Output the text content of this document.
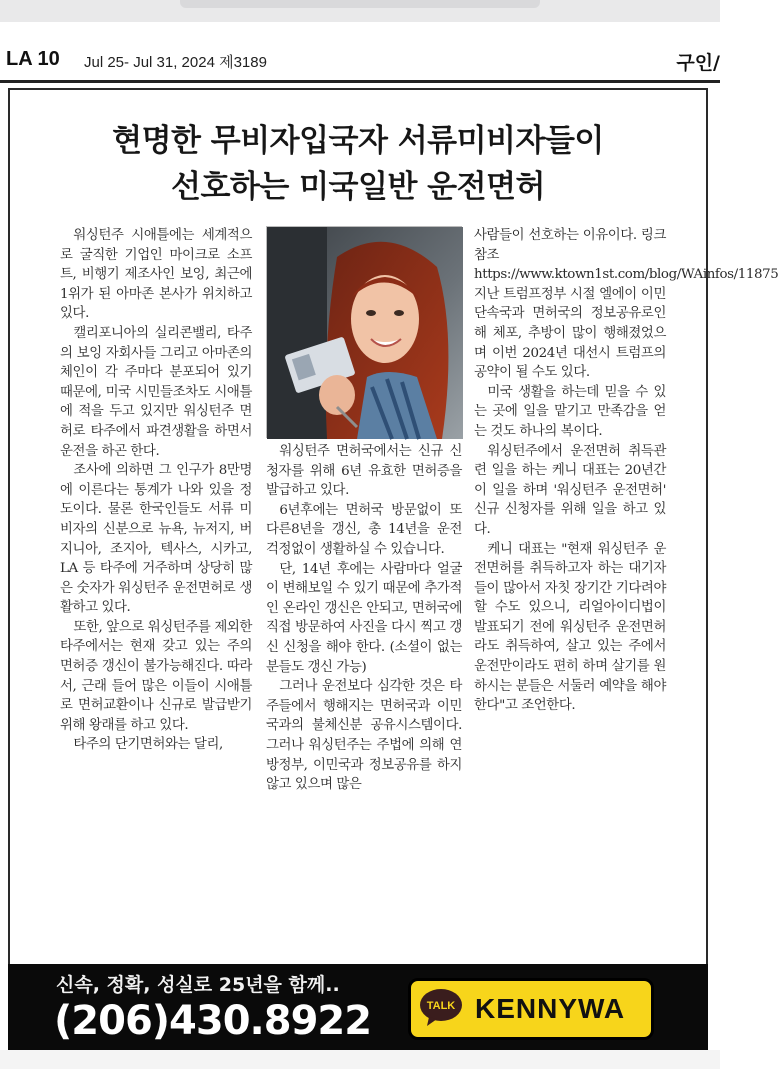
LA 10 Jul 25- Jul 31, 2024 제3189	구인/
현명한 무비자입국자 서류미비자들이
선호하는 미국일반 운전면허

워싱턴주 시애틀에는 세계적으로 굴직한 기업인 마이크로 소프트, 비행기 제조사인 보잉, 최근에 1위가 된 아마존 본사가 위치하고 있다.

캘리포니아의 실리콘밸리, 타주의 보잉 자회사들 그리고 아마존의 체인이 각 주마다 분포되어 있기 때문에, 미국 시민들조차도 시애틀에 적을 두고 있지만 워싱턴주 면허로 타주에서 파견생활을 하면서 운전을 하곤 한다.

조사에 의하면 그 인구가 8만명에 이른다는 통계가 나와 있을 정도이다. 물론 한국인들도 서류 미비자의 신분으로 뉴욕, 뉴저지, 버지니아, 조지아, 텍사스, 시카고, LA 등 타주에 거주하며 상당히 많은 숫자가 워싱턴주 운전면허로 생활하고 있다.

또한, 앞으로 워싱턴주를 제외한 타주에서는 현재 갖고 있는 주의 면허증 갱신이 불가능해진다. 따라서, 근래 들어 많은 이들이 시애틀로 면허교환이나 신규로 발급받기위해 왕래를 하고 있다.

타주의 단기면허와는 달리,

워싱턴주 면허국에서는 신규 신청자를 위해 6년 유효한 면허증을 발급하고 있다.

6년후에는 면허국 방문없이 또 다른8년을 갱신, 총 14년을 운전 걱정없이 생활하실 수 있습니다.

단, 14년 후에는 사람마다 얼굴이 변해보일 수 있기 때문에 추가적인 온라인 갱신은 안되고, 면허국에 직접 방문하여 사진을 다시 찍고 갱신 신청을 해야 한다. (소셜이 없는 분들도 갱신 가능)

그러나 운전보다 심각한 것은 타 주들에서 행해지는 면허국과 이민국과의 불체신분 공유시스템이다. 그러나 워싱턴주는 주법에 의해 연방정부, 이민국과 정보공유를 하지 않고 있으며 많은

사람들이 선호하는 이유이다. 링크 참조 https://www.ktown1st.com/blog/WAinfos/11875 지난 트럼프정부 시절 엘에이 이민단속국과 면허국의 정보공유로인해 체포, 추방이 많이 행해졌었으며 이번 2024년 대선시 트럼프의 공약이 될 수도 있다.

미국 생활을 하는데 믿을 수 있는 곳에 일을 맡기고 만족감을 얻는 것도 하나의 복이다.

워싱턴주에서 운전면허 취득관련 일을 하는 케니 대표는 20년간 이 일을 하며 '워싱턴주 운전면허' 신규 신청자를 위해 일을 하고 있다.

케니 대표는 "현재 워싱턴주 운전면허를 취득하고자 하는 대기자들이 많아서 자칫 장기간 기다려야 할 수도 있으니, 리얼아이디법이 발표되기 전에 워싱턴주 운전면허라도 취득하여, 살고 있는 주에서 운전만이라도 편히 하며 살기를 원하시는 분들은 서둘러 예약을 해야 한다"고 조언한다.

신속, 정확, 성실로 25년을 함께..
(206)430.8922	TALK KENNYWA
